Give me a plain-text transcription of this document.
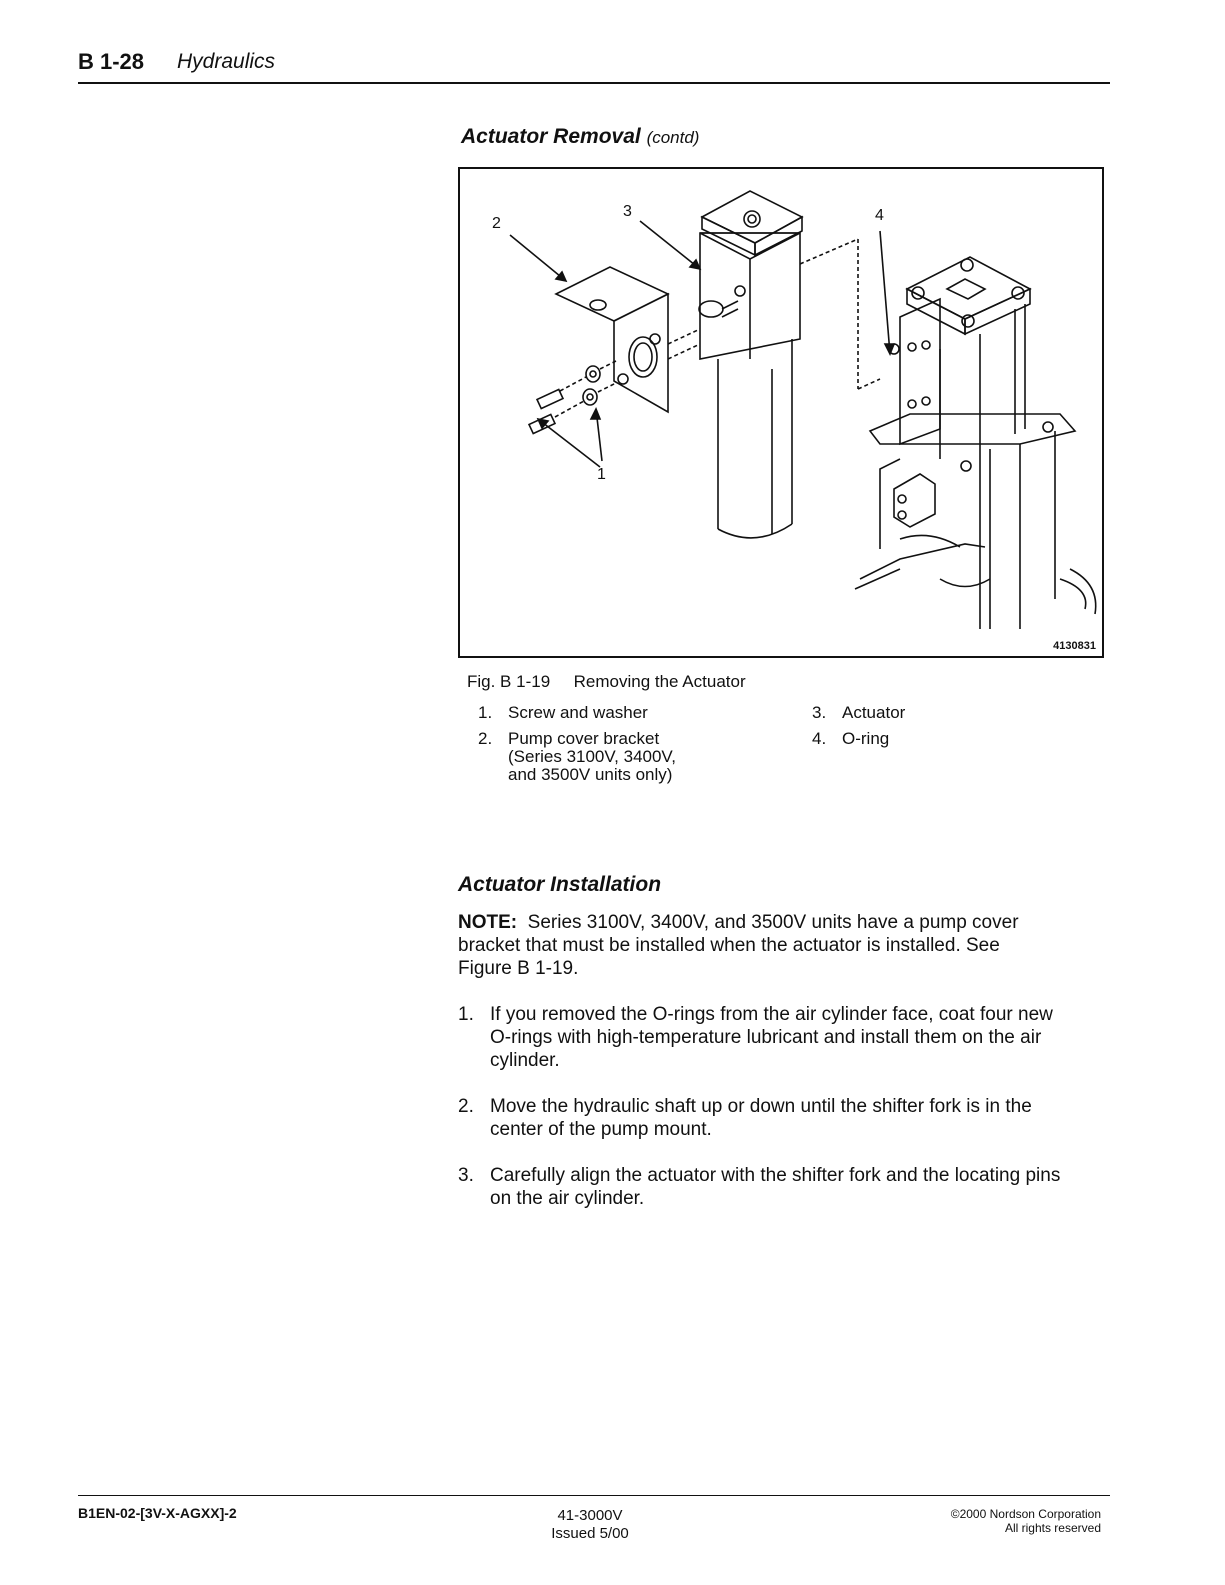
B 1-28 Hydraulics
Actuator Removal (contd)
2
3	4
1
4130831
Fig. B 1-19 Removing the Actuator
1. Screw and washer
2. Pump cover bracket
(Series 3100V, 3400V,
and 3500V units only)
3. Actuator
4. O-ring
Actuator Installation
NOTE: Series 3100V, 3400V, and 3500V units have a pump cover
bracket that must be installed when the actuator is installed. See
Figure B 1-19.
1. If you removed the O-rings from the air cylinder face, coat four new
O-rings with high-temperature lubricant and install them on the air
cylinder.
2. Move the hydraulic shaft up or down until the shifter fork is in the
center of the pump mount.
3. Carefully align the actuator with the shifter fork and the locating pins
on the air cylinder.
B1EN-02-[3V-X-AGXX]-2	41-3000V
Issued 5/00
©2000 Nordson Corporation
All rights reserved
